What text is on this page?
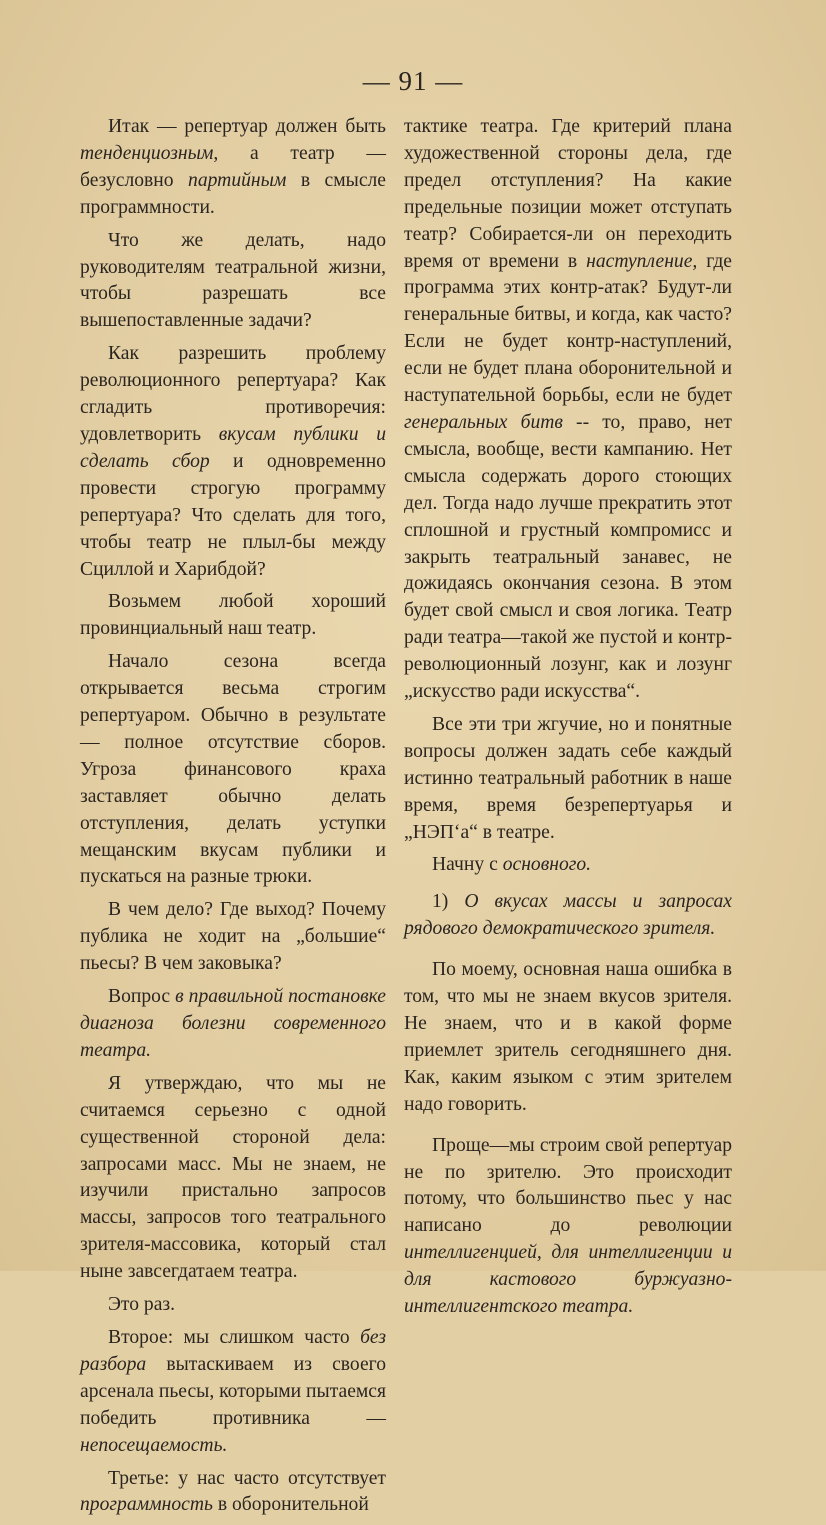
— 91 —

Итак — репертуар должен быть тенденциозным, а театр — безусловно партийным в смысле программности.

Что же делать, надо руководителям театральной жизни, чтобы разрешать все вышепоставленные задачи?

Как разрешить проблему революционного репертуара? Как сгладить противоречия: удовлетворить вкусам публики и сделать сбор и одновременно провести строгую программу репертуара? Что сделать для того, чтобы театр не плыл-бы между Сциллой и Харибдой?

Возьмем любой хороший провинциальный наш театр.

Начало сезона всегда открывается весьма строгим репертуаром. Обычно в результате — полное отсутствие сборов. Угроза финансового краха заставляет обычно делать отступления, делать уступки мещанским вкусам публики и пускаться на разные трюки.

В чем дело? Где выход? Почему публика не ходит на „большие“ пьесы? В чем заковыка?

Вопрос в правильной постановке диагноза болезни современного театра.

Я утверждаю, что мы не считаемся серьезно с одной существенной стороной дела: запросами масс. Мы не знаем, не изучили пристально запросов массы, запросов того театрального зрителя-массовика, который стал ныне завсегдатаем театра.

Это раз.

Второе: мы слишком часто без разбора вытаскиваем из своего арсенала пьесы, которыми пытаемся победить противника — непосещаемость.

Третье: у нас часто отсутствует программность в оборонительной

тактике театра. Где критерий плана художественной стороны дела, где предел отступления? На какие предельные позиции может отступать театр? Собирается-ли он переходить время от времени в наступление, где программа этих контр-атак? Будут-ли генеральные битвы, и когда, как часто? Если не будет контр-наступлений, если не будет плана оборонительной и наступательной борьбы, если не будет генеральных битв -- то, право, нет смысла, вообще, вести кампанию. Нет смысла содержать дорого стоющих дел. Тогда надо лучше прекратить этот сплошной и грустный компромисс и закрыть театральный занавес, не дожидаясь окончания сезона. В этом будет свой смысл и своя логика. Театр ради театра—такой же пустой и контр-революционный лозунг, как и лозунг „искусство ради искусства“.

Все эти три жгучие, но и понятные вопросы должен задать себе каждый истинно театральный работник в наше время, время безрепертуарья и „НЭП‘а“ в театре.

Начну с основного.

1) О вкусах массы и запросах рядового демократического зрителя.

По моему, основная наша ошибка в том, что мы не знаем вкусов зрителя. Не знаем, что и в какой форме приемлет зритель сегодняшнего дня. Как, каким языком с этим зрителем надо говорить.

Проще—мы строим свой репертуар не по зрителю. Это происходит потому, что большинство пьес у нас написано до революции интеллигенцией, для интеллигенции и для кастового буржуазно-интеллигентского театра.
